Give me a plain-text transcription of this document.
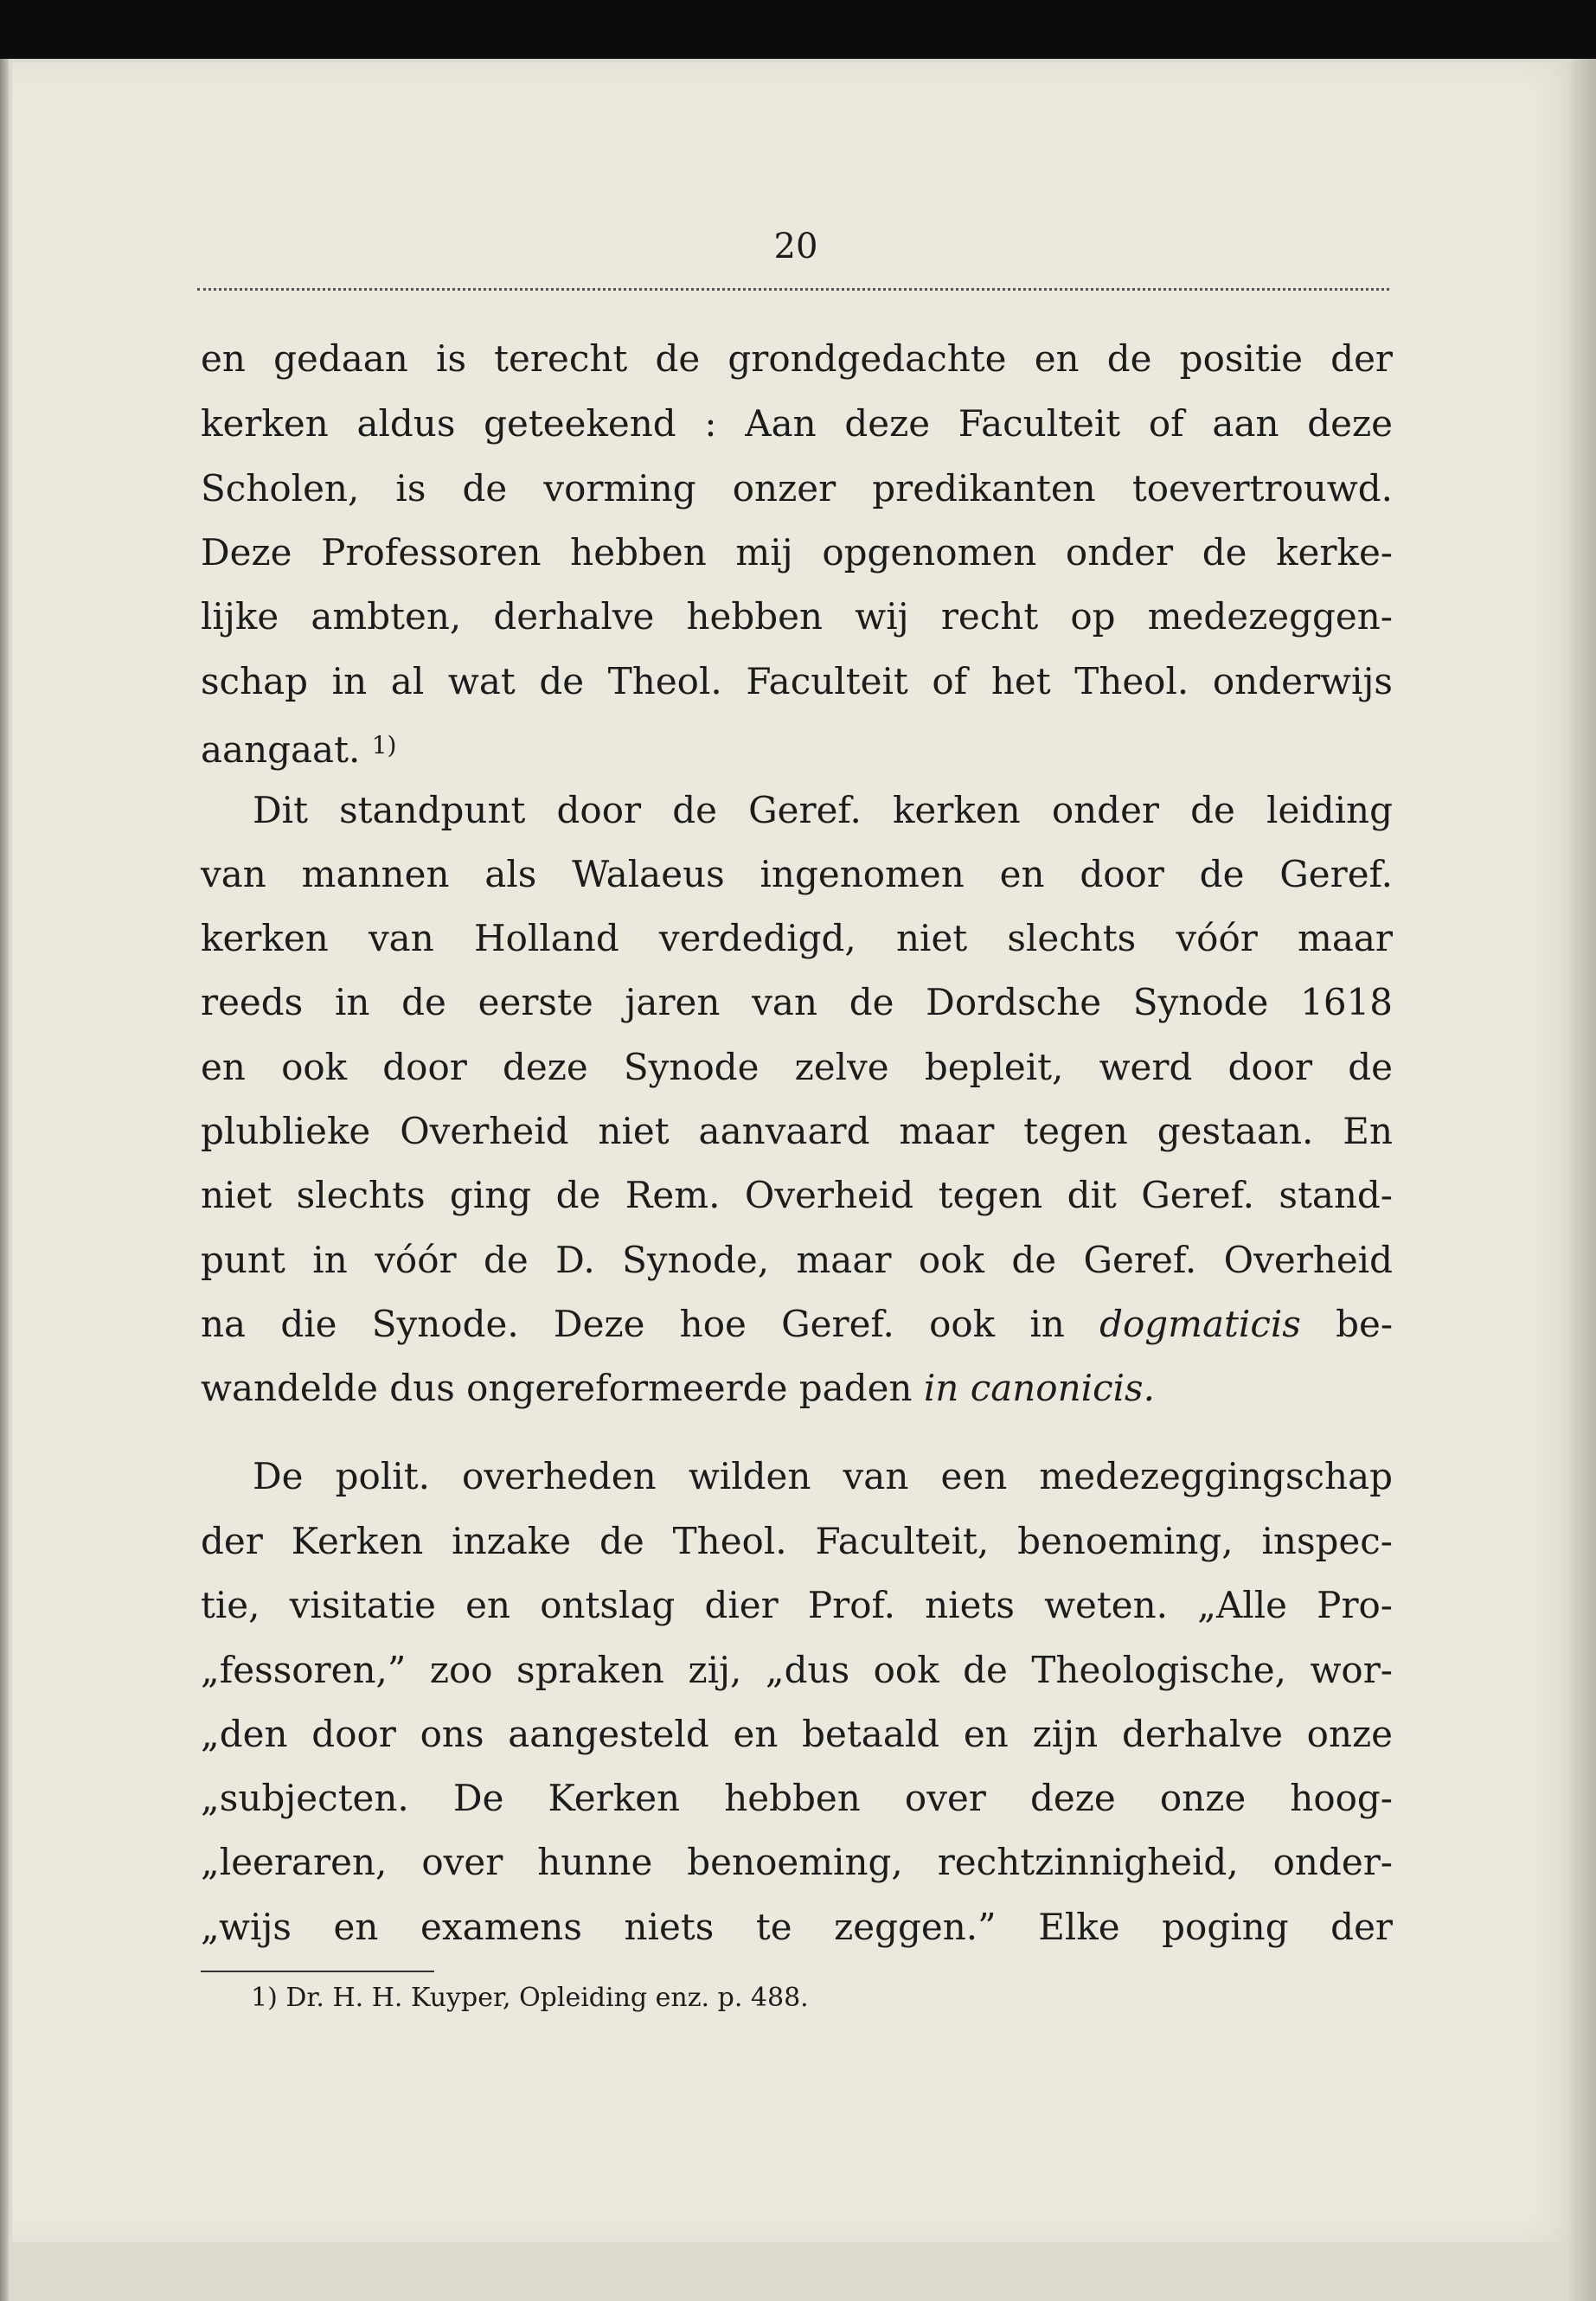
20
en gedaan is terecht de grondgedachte en de positie der
kerken aldus geteekend : Aan deze Faculteit of aan deze
Scholen, is de vorming onzer predikanten toevertrouwd.
Deze Professoren hebben mij opgenomen onder de kerke-
lijke ambten, derhalve hebben wij recht op medezeggen-
schap in al wat de Theol. Faculteit of het Theol. onderwijs
aangaat. $^{1)}$
Dit standpunt door de Geref. kerken onder de leiding
van mannen als Walaeus ingenomen en door de Geref.
kerken van Holland verdedigd, niet slechts vóór maar
reeds in de eerste jaren van de Dordsche Synode 1618
en ook door deze Synode zelve bepleit, werd door de
plublieke Overheid niet aanvaard maar tegen gestaan. En
niet slechts ging de Rem. Overheid tegen dit Geref. stand-
punt in vóór de D. Synode, maar ook de Geref. Overheid
na die Synode. Deze hoe Geref. ook in dogmaticis be-
wandelde dus ongereformeerde paden in canonicis.
De polit. overheden wilden van een medezeggingschap
der Kerken inzake de Theol. Faculteit, benoeming, inspec-
tie, visitatie en ontslag dier Prof. niets weten. „Alle Pro-
„fessoren,” zoo spraken zij, „dus ook de Theologische, wor-
„den door ons aangesteld en betaald en zijn derhalve onze
„subjecten. De Kerken hebben over deze onze hoog-
„leeraren, over hunne benoeming, rechtzinnigheid, onder-
„wijs en examens niets te zeggen.” Elke poging der
1) Dr. H. H. Kuyper, Opleiding enz. p. 488.
